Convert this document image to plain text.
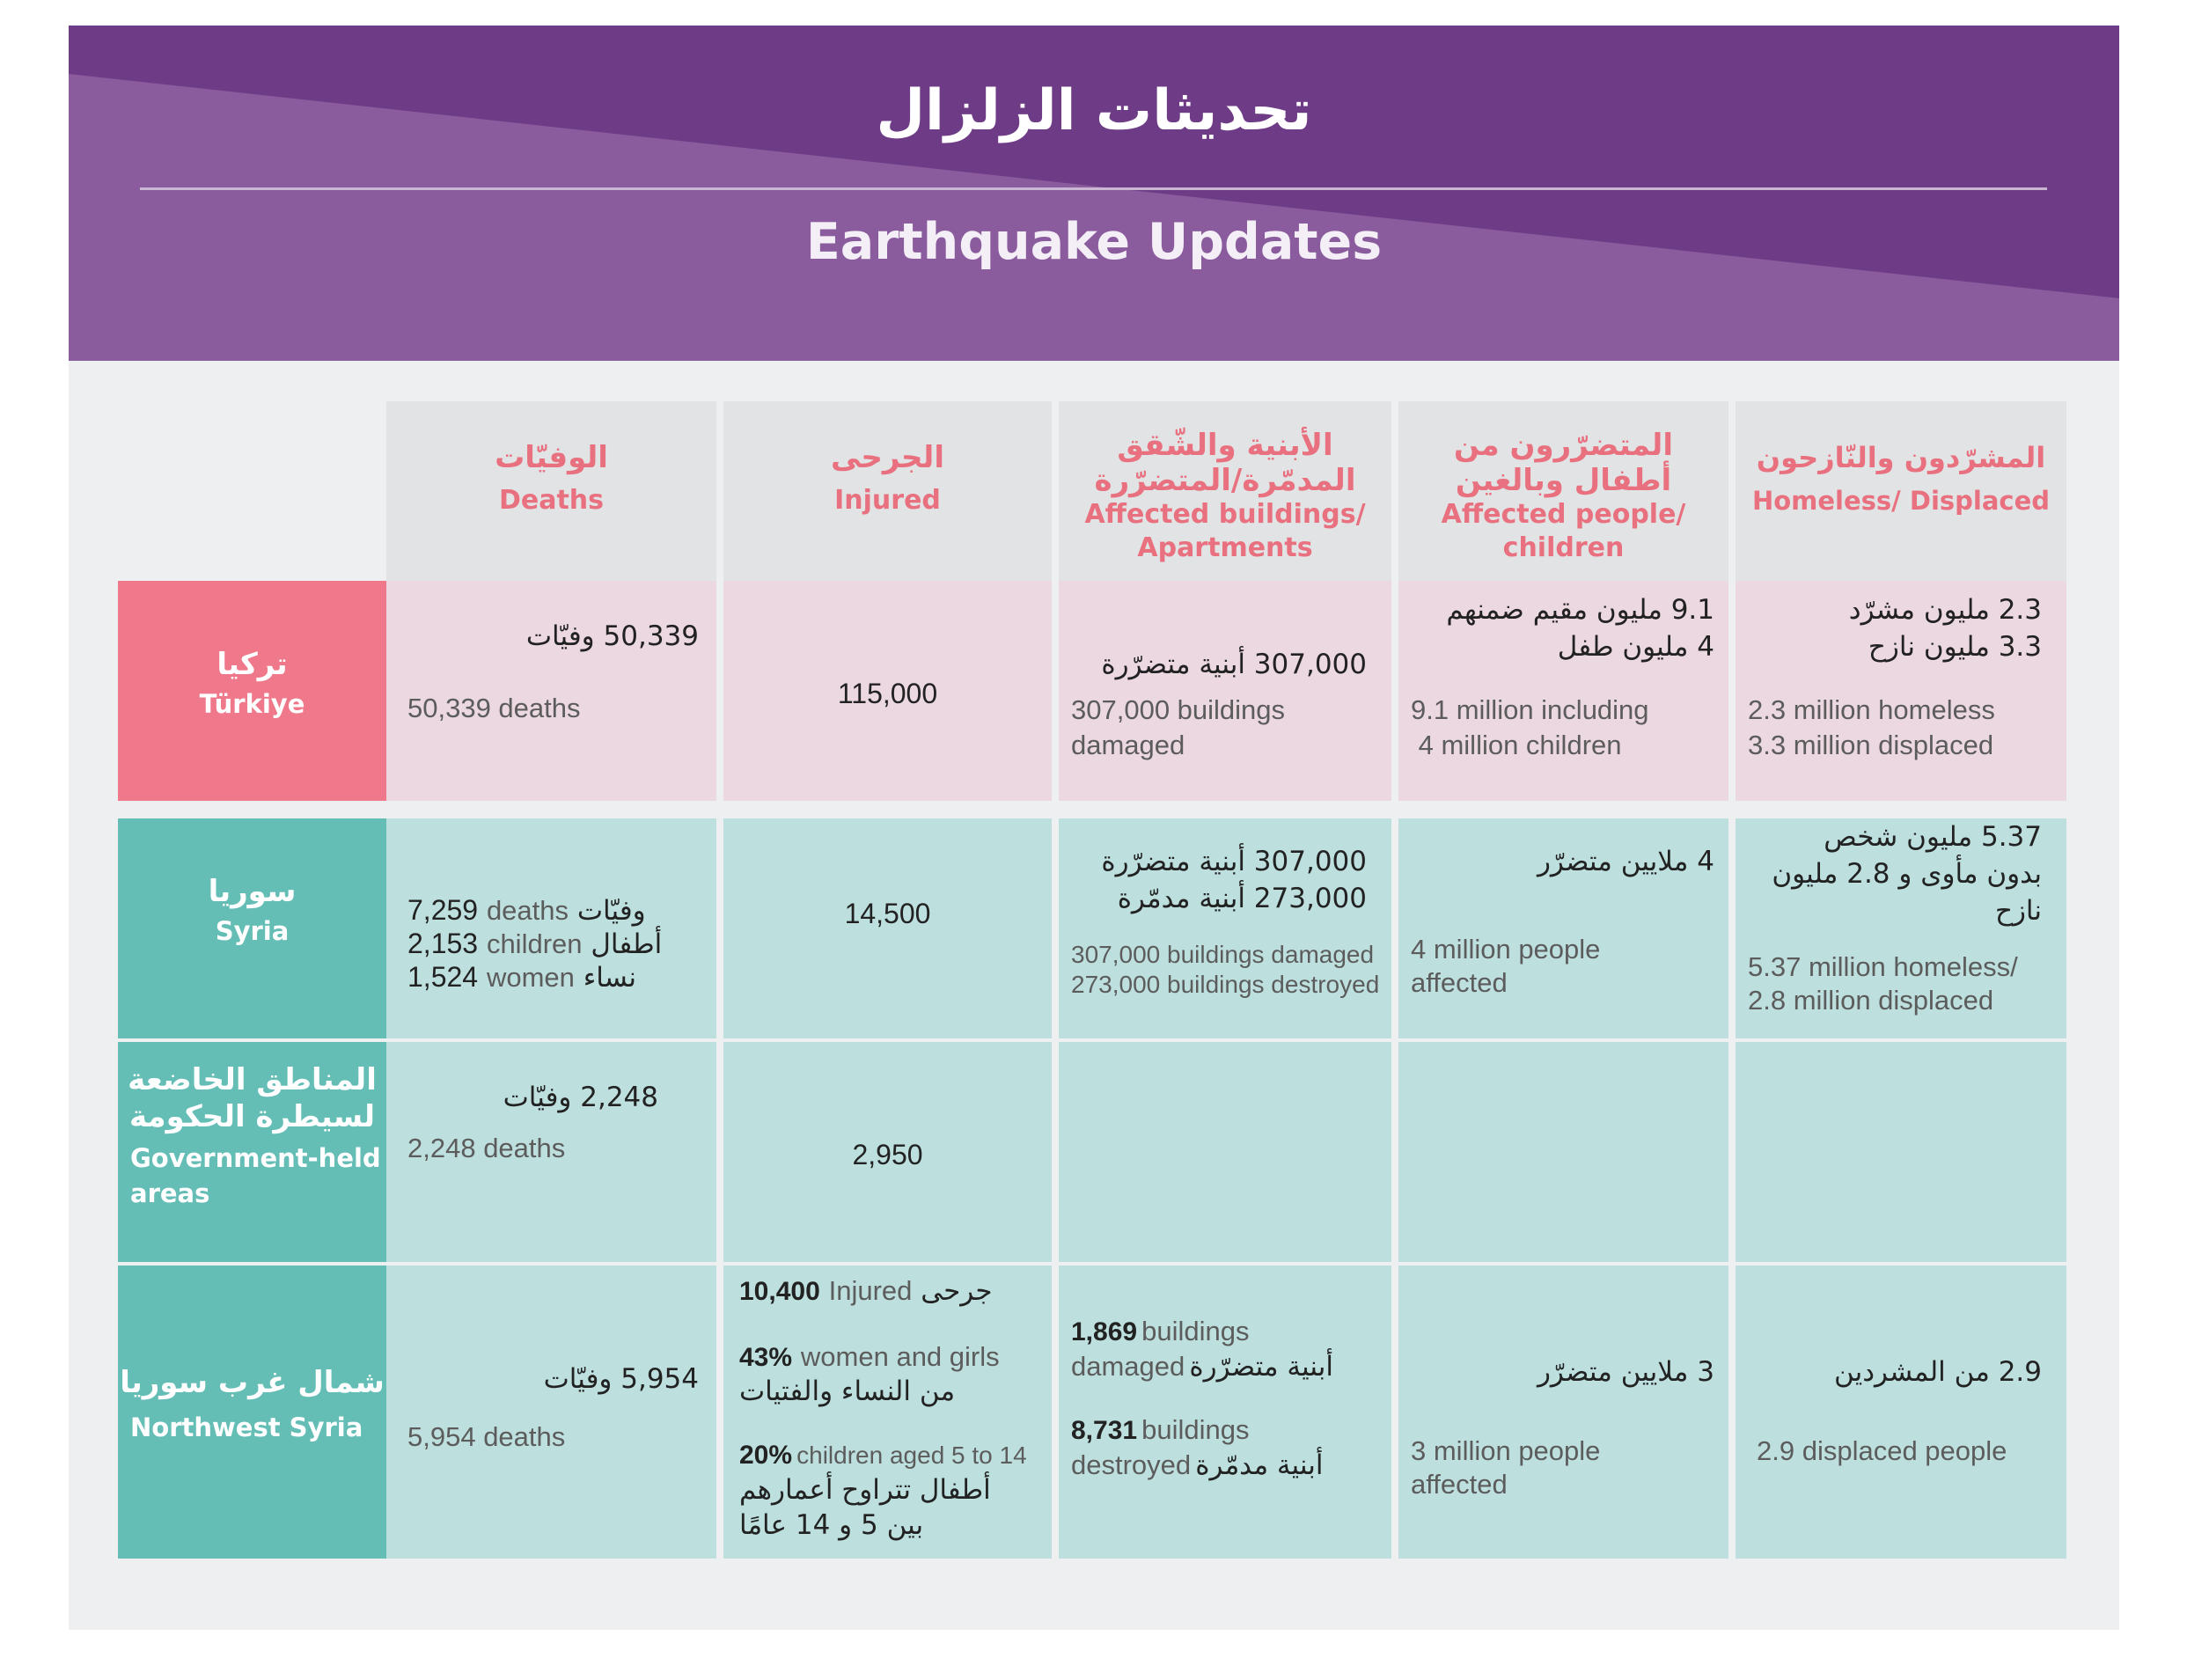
تحديثات الزلزال
Earthquake Updates
الوفيّات
Deaths
الجرحى
Injured
الأبنية والشّقق
المدمّرة/المتضرّرة
Affected buildings/
Apartments
المتضرّرون من
أطفال وبالغين
Affected people/
children
المشرّدون والنّازحون
Homeless/ Displaced
تركيا
Türkiye
50,339 وفيّات
50,339 deaths	115,000
307,000 أبنية متضرّرة
307,000 buildings
damaged
9.1 مليون مقيم ضمنهم
4 مليون طفل
9.1 million including
4 million children
2.3 مليون مشرّد
3.3 مليون نازح
2.3 million homeless
3.3 million displaced
سوريا
Syria
7,259 deaths وفيّات
2,153 children أطفال
1,524 women نساء
14,500
307,000 أبنية متضرّرة
273,000 أبنية مدمّرة
307,000 buildings damaged
273,000 buildings destroyed
4 ملايين متضرّر
4 million people
affected
5.37 مليون شخص
بدون مأوى و 2.8 مليون
نازح
5.37 million homeless/
2.8 million displaced
المناطق الخاضعة
لسيطرة الحكومة
Government-held
areas
2,248 وفيّات
2,248 deaths	2,950
شمال غرب سوريا
Northwest Syria
5,954 وفيّات
5,954 deaths
10,400 Injured جرحى
43% women and girls
من النساء والفتيات
20% children aged 5 to 14
أطفال تتراوح أعمارهم
بين 5 و 14 عامًا
1,869 buildings
damaged أبنية متضرّرة
8,731 buildings
destroyed أبنية مدمّرة
3 ملايين متضرّر
3 million people
affected
2.9 من المشردين
2.9 displaced people
